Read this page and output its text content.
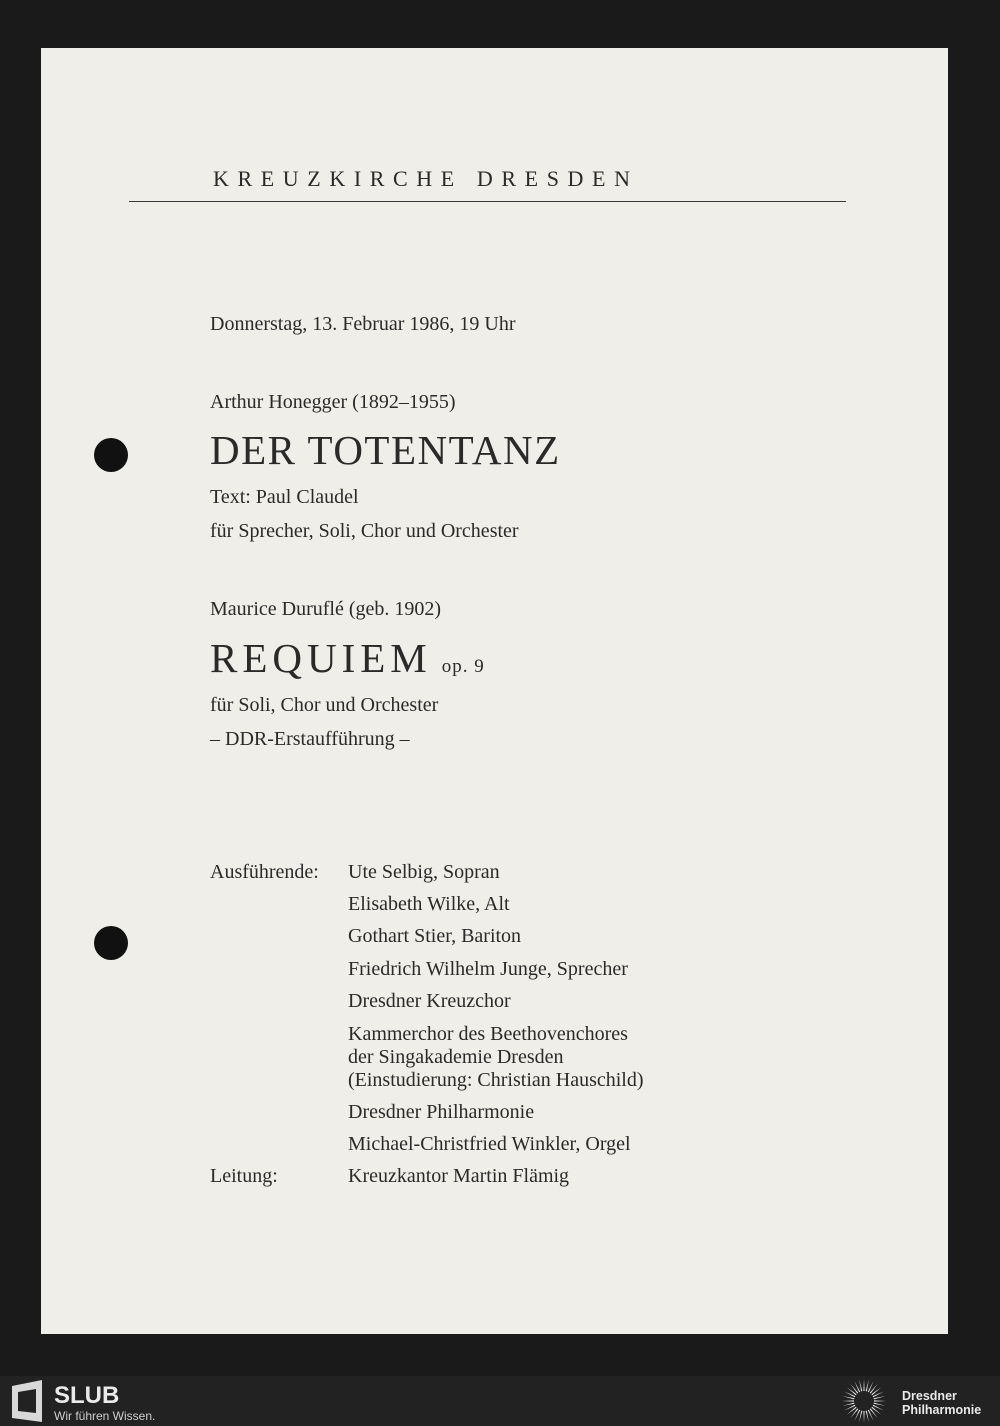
KREUZKIRCHE DRESDEN
Donnerstag, 13. Februar 1986, 19 Uhr
Arthur Honegger (1892–1955)
DER TOTENTANZ
Text: Paul Claudel
für Sprecher, Soli, Chor und Orchester
Maurice Duruflé (geb. 1902)
REQUIEM op. 9
für Soli, Chor und Orchester
– DDR-Erstaufführung –
Ausführende: Ute Selbig, Sopran
Elisabeth Wilke, Alt
Gothart Stier, Bariton
Friedrich Wilhelm Junge, Sprecher
Dresdner Kreuzchor
Kammerchor des Beethovenchores
der Singakademie Dresden
(Einstudierung: Christian Hauschild)
Dresdner Philharmonie
Michael-Christfried Winkler, Orgel
Leitung:	Kreuzkantor Martin Flämig
SLUB
Wir führen Wissen.
Dresdner
Philharmonie
